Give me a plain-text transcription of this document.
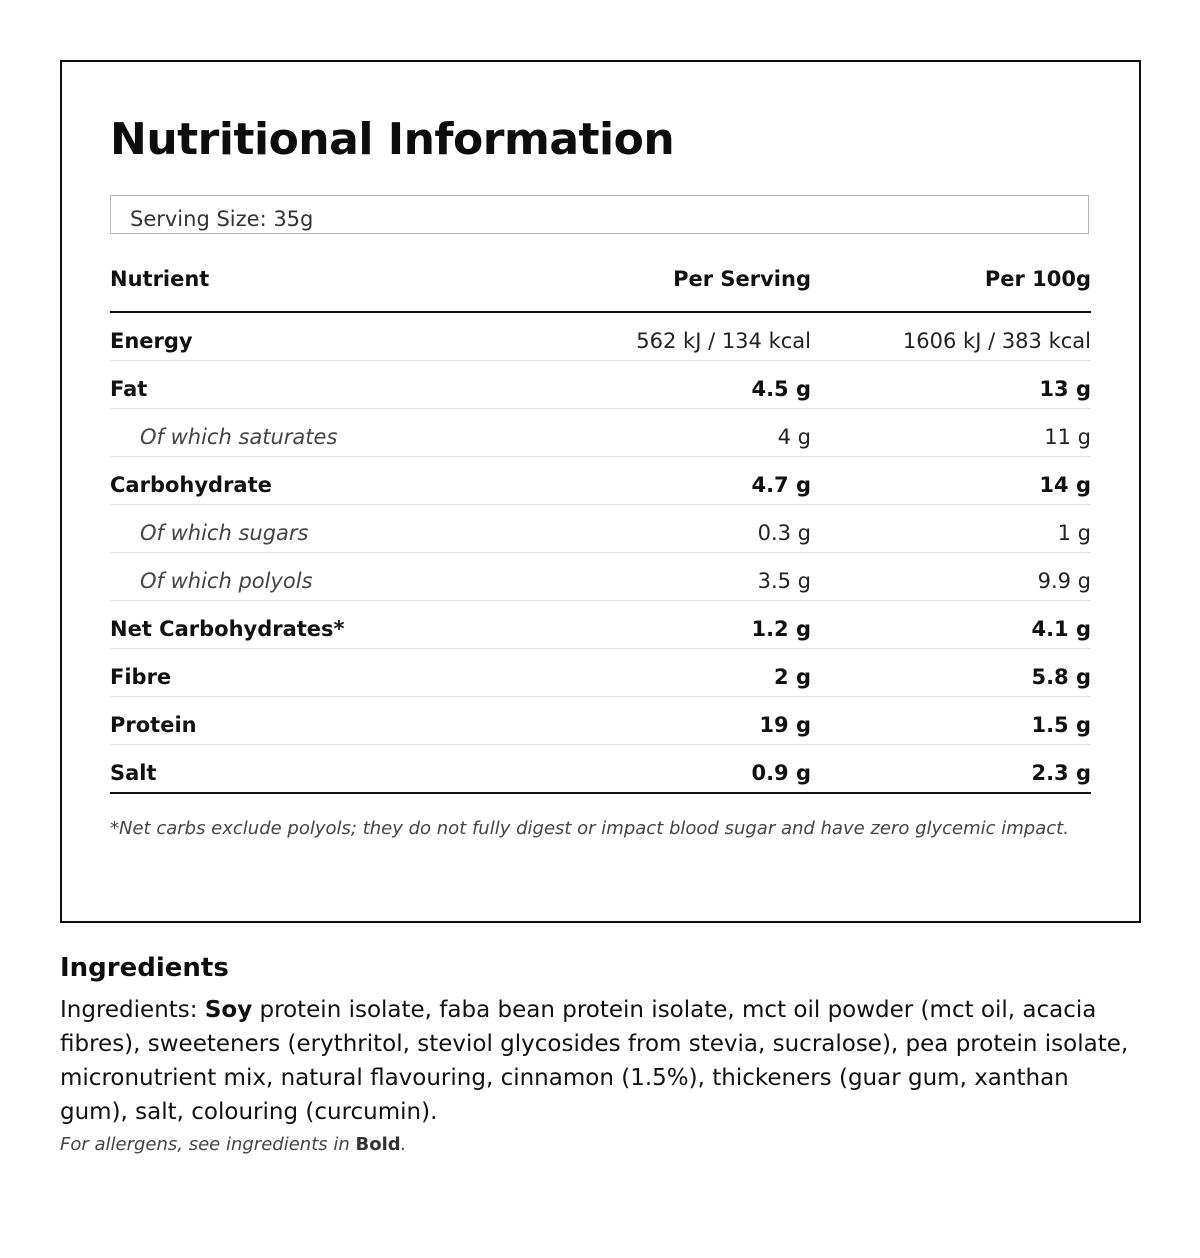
Nutritional Information
Serving Size: 35g
Nutrient	Per Serving	Per 100g
Energy	562 kJ / 134 kcal	1606 kJ / 383 kcal
Fat	4.5 g	13 g
Of which saturates	4 g	11 g
Carbohydrate	4.7 g	14 g
Of which sugars	0.3 g	1 g
Of which polyols	3.5 g	9.9 g
Net Carbohydrates*	1.2 g	4.1 g
Fibre	2 g	5.8 g
Protein	19 g	1.5 g
Salt	0.9 g	2.3 g
*Net carbs exclude polyols; they do not fully digest or impact blood sugar and have zero glycemic impact.
Ingredients
Ingredients: Soy protein isolate, faba bean protein isolate, mct oil powder (mct oil, acacia fibres), sweeteners (erythritol, steviol glycosides from stevia, sucralose), pea protein isolate, micronutrient mix, natural flavouring, cinnamon (1.5%), thickeners (guar gum, xanthan gum), salt, colouring (curcumin).
For allergens, see ingredients in Bold.
